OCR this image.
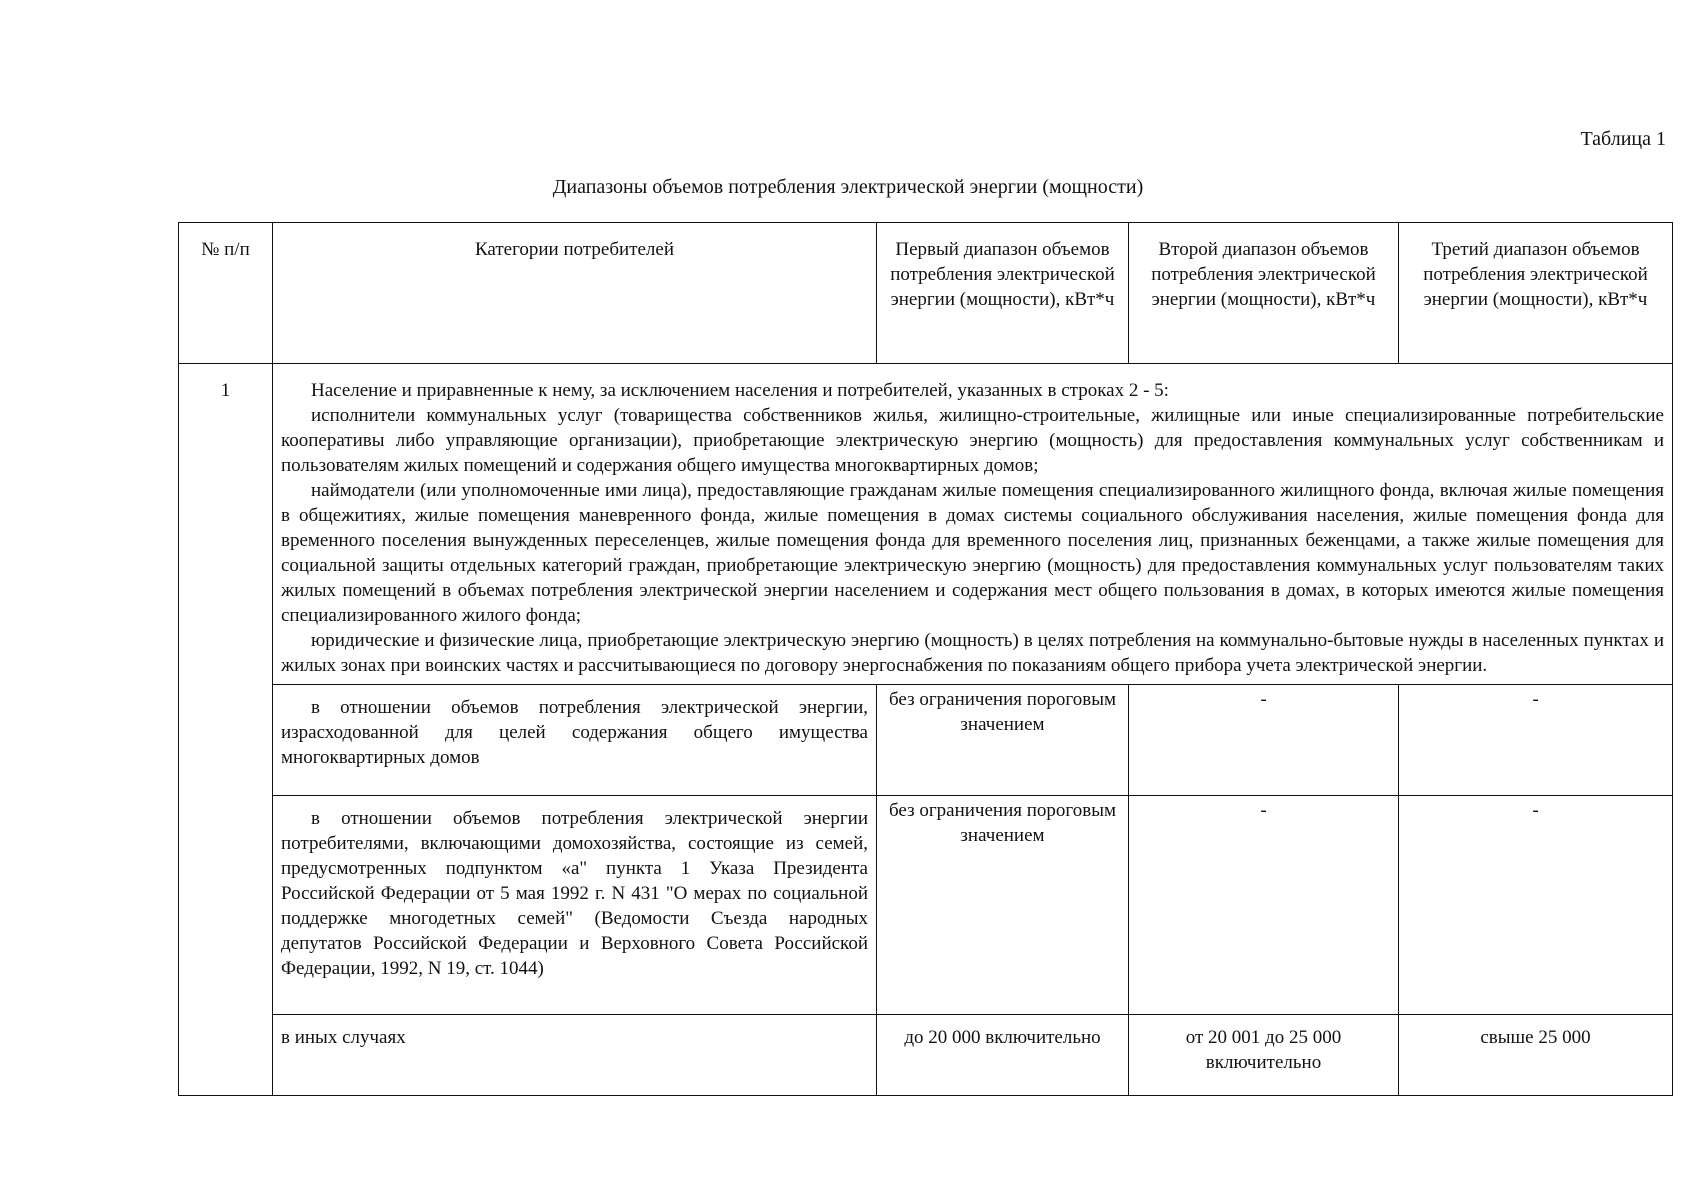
Таблица 1
Диапазоны объемов потребления электрической энергии (мощности)
№ п/п	Категории потребителей	Первый диапазон объемов потребления электрической энергии (мощности), кВт*ч	Второй диапазон объемов потребления электрической энергии (мощности), кВт*ч	Третий диапазон объемов потребления электрической энергии (мощности), кВт*ч
1	Население и приравненные к нему, за исключением населения и потребителей, указанных в строках 2 - 5:

исполнители коммунальных услуг (товарищества собственников жилья, жилищно-строительные, жилищные или иные специализированные потребительские кооперативы либо управляющие организации), приобретающие электрическую энергию (мощность) для предоставления коммунальных услуг собственникам и пользователям жилых помещений и содержания общего имущества многоквартирных домов;

наймодатели (или уполномоченные ими лица), предоставляющие гражданам жилые помещения специализированного жилищного фонда, включая жилые помещения в общежитиях, жилые помещения маневренного фонда, жилые помещения в домах системы социального обслуживания населения, жилые помещения фонда для временного поселения вынужденных переселенцев, жилые помещения фонда для временного поселения лиц, признанных беженцами, а также жилые помещения для социальной защиты отдельных категорий граждан, приобретающие электрическую энергию (мощность) для предоставления коммунальных услуг пользователям таких жилых помещений в объемах потребления электрической энергии населением и содержания мест общего пользования в домах, в которых имеются жилые помещения специализированного жилого фонда;

юридические и физические лица, приобретающие электрическую энергию (мощность) в целях потребления на коммунально-бытовые нужды в населенных пунктах и жилых зонах при воинских частях и рассчитывающиеся по договору энергоснабжения по показаниям общего прибора учета электрической энергии.			

	в отношении объемов потребления электрической энергии, израсходованной для целей содержания общего имущества многоквартирных домов	без ограничения пороговым значением	-	-
	в отношении объемов потребления электрической энергии потребителями, включающими домохозяйства, состоящие из семей, предусмотренных подпунктом «а" пункта 1 Указа Президента Российской Федерации от 5 мая 1992 г. N 431 "О мерах по социальной поддержке многодетных семей" (Ведомости Съезда народных депутатов Российской Федерации и Верховного Совета Российской Федерации, 1992, N 19, ст. 1044)	без ограничения пороговым значением	-	-
	в иных случаях	до 20 000 включительно	от 20 001 до 25 000 включительно	свыше 25 000
